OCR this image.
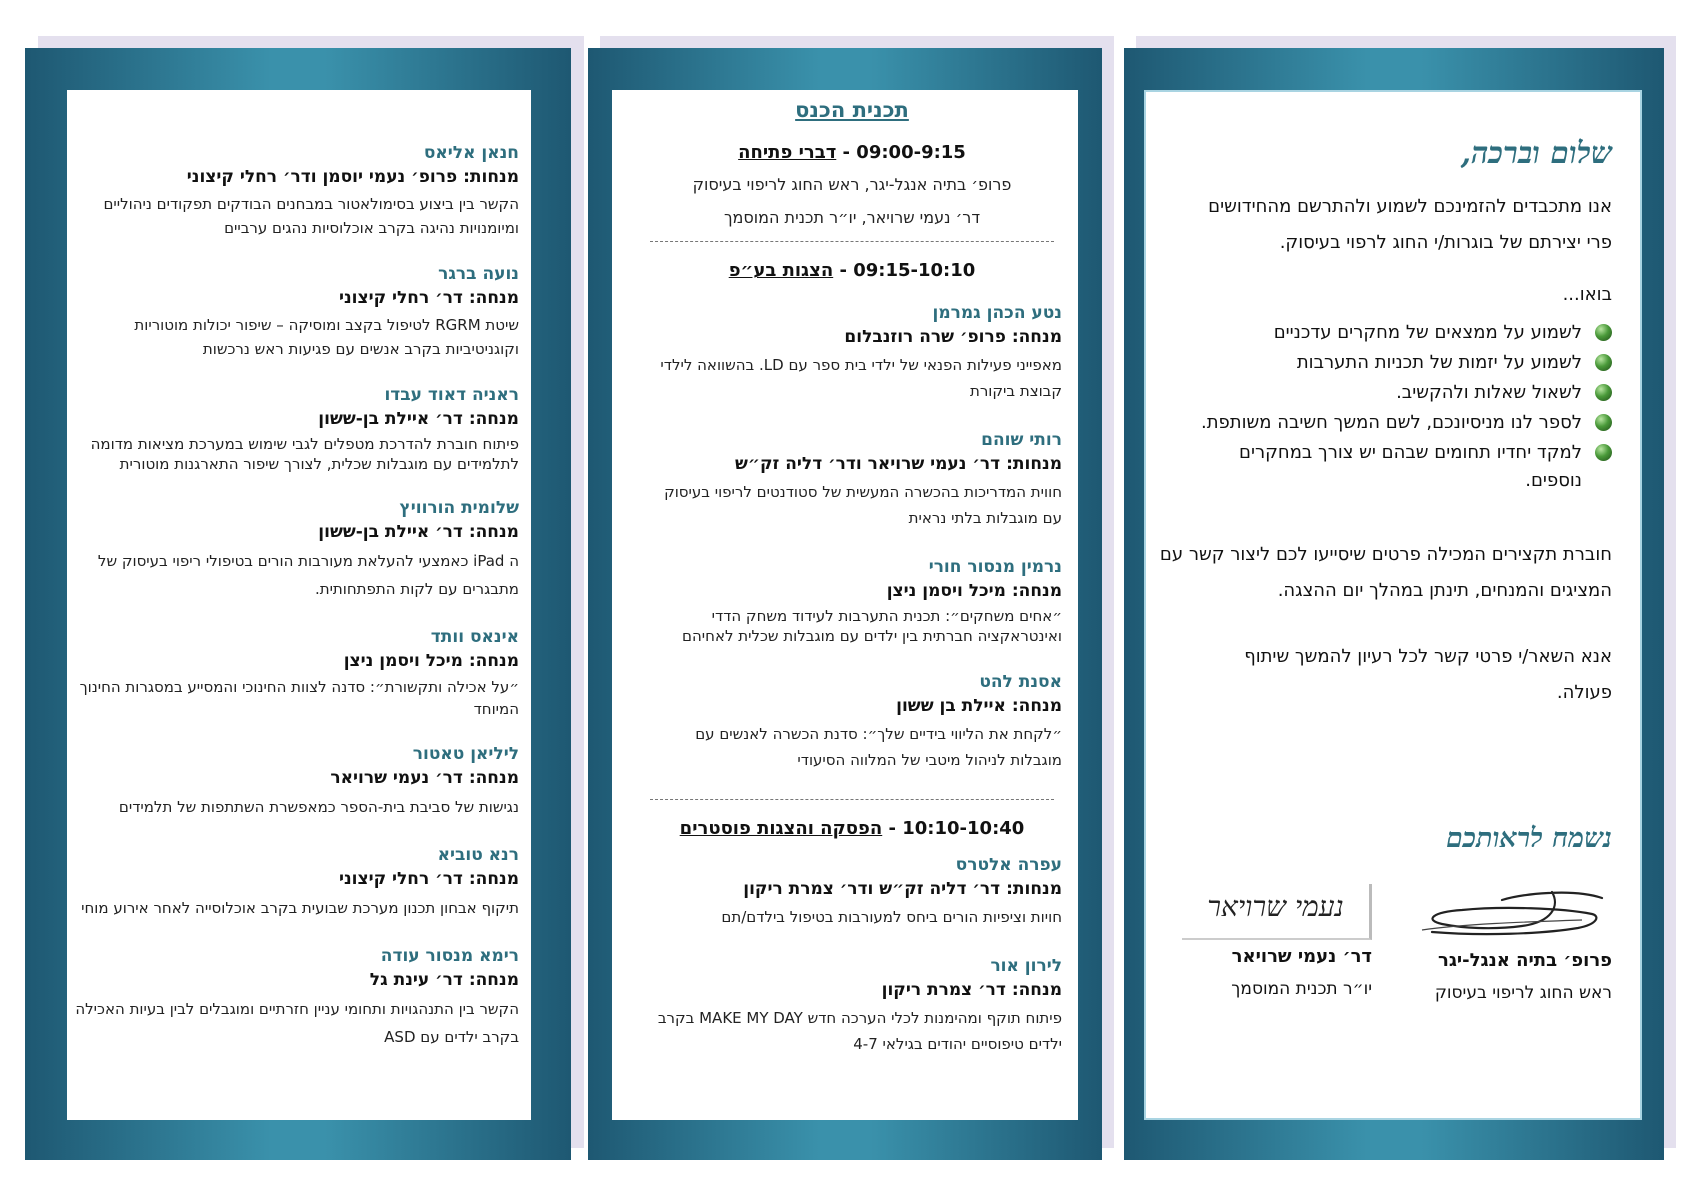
חנאן אליאס

מנחות: פרופ׳ נעמי יוסמן ודר׳ רחלי קיצוני

הקשר בין ביצוע בסימולאטור במבחנים הבודקים תפקודים ניהוליים ומיומנויות נהיגה בקרב אוכלוסיות נהגים ערביים

נועה ברגר

מנחה: דר׳ רחלי קיצוני

שיטת RGRM לטיפול בקצב ומוסיקה – שיפור יכולות מוטוריות וקוגניטיביות בקרב אנשים עם פגיעות ראש נרכשות

ראניה דאוד עבדו

מנחה: דר׳ איילת בן-ששון

פיתוח חוברת להדרכת מטפלים לגבי שימוש במערכת מציאות מדומה לתלמידים עם מוגבלות שכלית, לצורך שיפור התארגנות מוטורית

שלומית הורוויץ

מנחה: דר׳ איילת בן-ששון

ה iPad כאמצעי להעלאת מעורבות הורים בטיפולי ריפוי בעיסוק של מתבגרים עם לקות התפתחותית.

אינאס וותד

מנחה: מיכל ויסמן ניצן

״על אכילה ותקשורת״: סדנה לצוות החינוכי והמסייע במסגרות החינוך המיוחד

ליליאן טאטור

מנחה: דר׳ נעמי שרויאר

נגישות של סביבת בית-הספר כמאפשרת השתתפות של תלמידים

רנא טוביא

מנחה: דר׳ רחלי קיצוני

תיקוף אבחון תכנון מערכת שבועית בקרב אוכלוסייה לאחר אירוע מוחי

רימא מנסור עודה

מנחה: דר׳ עינת גל

הקשר בין התנהגויות ותחומי עניין חזרתיים ומוגבלים לבין בעיות האכילה בקרב ילדים עם ASD

תכנית הכנס

09:00-9:15 - דברי פתיחה

פרופ׳ בתיה אנגל-יגר, ראש החוג לריפוי בעיסוק

דר׳ נעמי שרויאר, יו״ר תכנית המוסמך

09:15-10:10 - הצגות בע״פ

נטע הכהן גמרמן

מנחה: פרופ׳ שרה רוזנבלום

מאפייני פעילות הפנאי של ילדי בית ספר עם LD. בהשוואה לילדי קבוצת ביקורת

רותי שוהם

מנחות: דר׳ נעמי שרויאר ודר׳ דליה זק״ש

חווית המדריכות בהכשרה המעשית של סטודנטים לריפוי בעיסוק עם מוגבלות בלתי נראית

נרמין מנסור חורי

מנחה: מיכל ויסמן ניצן

״אחים משחקים״: תכנית התערבות לעידוד משחק הדדי ואינטראקציה חברתית בין ילדים עם מוגבלות שכלית לאחיהם

אסנת להט

מנחה: איילת בן ששון

״לקחת את הליווי בידיים שלך״: סדנת הכשרה לאנשים עם מוגבלות לניהול מיטבי של המלווה הסיעודי

10:10-10:40 - הפסקה והצגות פוסטרים

עפרה אלטרס

מנחות: דר׳ דליה זק״ש ודר׳ צמרת ריקון

חויות וציפיות הורים ביחס למעורבות בטיפול בילדם/תם

לירון אור

מנחה: דר׳ צמרת ריקון

פיתוח תוקף ומהימנות לכלי הערכה חדש MAKE MY DAY בקרב ילדים טיפוסיים יהודים בגילאי 4-7

שלום וברכה,

אנו מתכבדים להזמינכם לשמוע ולהתרשם מהחידושים פרי יצירתם של בוגרות/י החוג לרפוי בעיסוק.

בואו...

לשמוע על ממצאים של מחקרים עדכניים
לשמוע על יזמות של תכניות התערבות
לשאול שאלות ולהקשיב.
לספר לנו מניסיונכם, לשם המשך חשיבה משותפת.
למקד יחדיו תחומים שבהם יש צורך במחקרים נוספים.

חוברת תקצירים המכילה פרטים שיסייעו לכם ליצור קשר עם המציגים והמנחים, תינתן במהלך יום ההצגה.

אנא השאר/י פרטי קשר לכל רעיון להמשך שיתוף פעולה.

נשמח לראותכם

פרופ׳ בתיה אנגל-יגר

ראש החוג לריפוי בעיסוק

נעמי שרויאר

דר׳ נעמי שרויאר

יו״ר תכנית המוסמך
